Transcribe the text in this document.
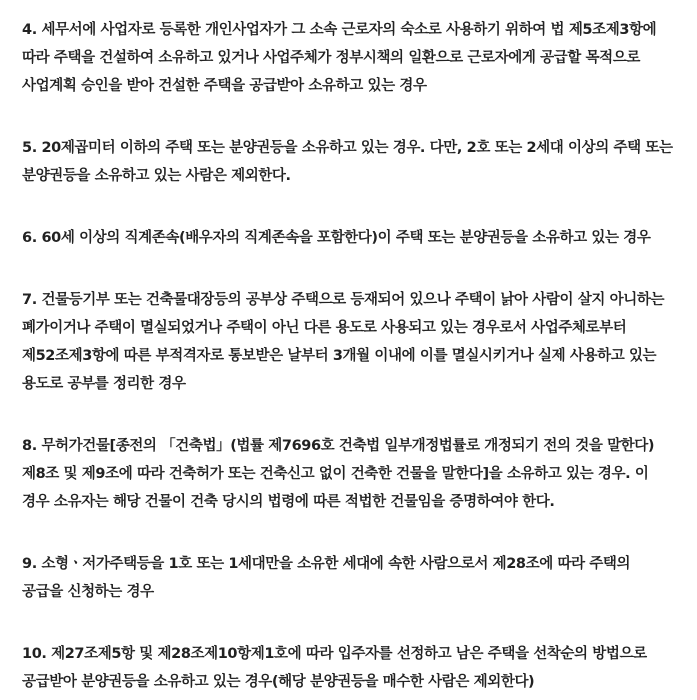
4. 세무서에 사업자로 등록한 개인사업자가 그 소속 근로자의 숙소로 사용하기 위하여 법 제5조제3항에 따라 주택을 건설하여 소유하고 있거나 사업주체가 정부시책의 일환으로 근로자에게 공급할 목적으로 사업계획 승인을 받아 건설한 주택을 공급받아 소유하고 있는 경우

5. 20제곱미터 이하의 주택 또는 분양권등을 소유하고 있는 경우. 다만, 2호 또는 2세대 이상의 주택 또는 분양권등을 소유하고 있는 사람은 제외한다.

6. 60세 이상의 직계존속(배우자의 직계존속을 포함한다)이 주택 또는 분양권등을 소유하고 있는 경우

7. 건물등기부 또는 건축물대장등의 공부상 주택으로 등재되어 있으나 주택이 낡아 사람이 살지 아니하는 폐가이거나 주택이 멸실되었거나 주택이 아닌 다른 용도로 사용되고 있는 경우로서 사업주체로부터 제52조제3항에 따른 부적격자로 통보받은 날부터 3개월 이내에 이를 멸실시키거나 실제 사용하고 있는 용도로 공부를 정리한 경우

8. 무허가건물[종전의 「건축법」(법률 제7696호 건축법 일부개정법률로 개정되기 전의 것을 말한다) 제8조 및 제9조에 따라 건축허가 또는 건축신고 없이 건축한 건물을 말한다]을 소유하고 있는 경우. 이 경우 소유자는 해당 건물이 건축 당시의 법령에 따른 적법한 건물임을 증명하여야 한다.

9. 소형ㆍ저가주택등을 1호 또는 1세대만을 소유한 세대에 속한 사람으로서 제28조에 따라 주택의 공급을 신청하는 경우

10. 제27조제5항 및 제28조제10항제1호에 따라 입주자를 선정하고 남은 주택을 선착순의 방법으로 공급받아 분양권등을 소유하고 있는 경우(해당 분양권등을 매수한 사람은 제외한다)
